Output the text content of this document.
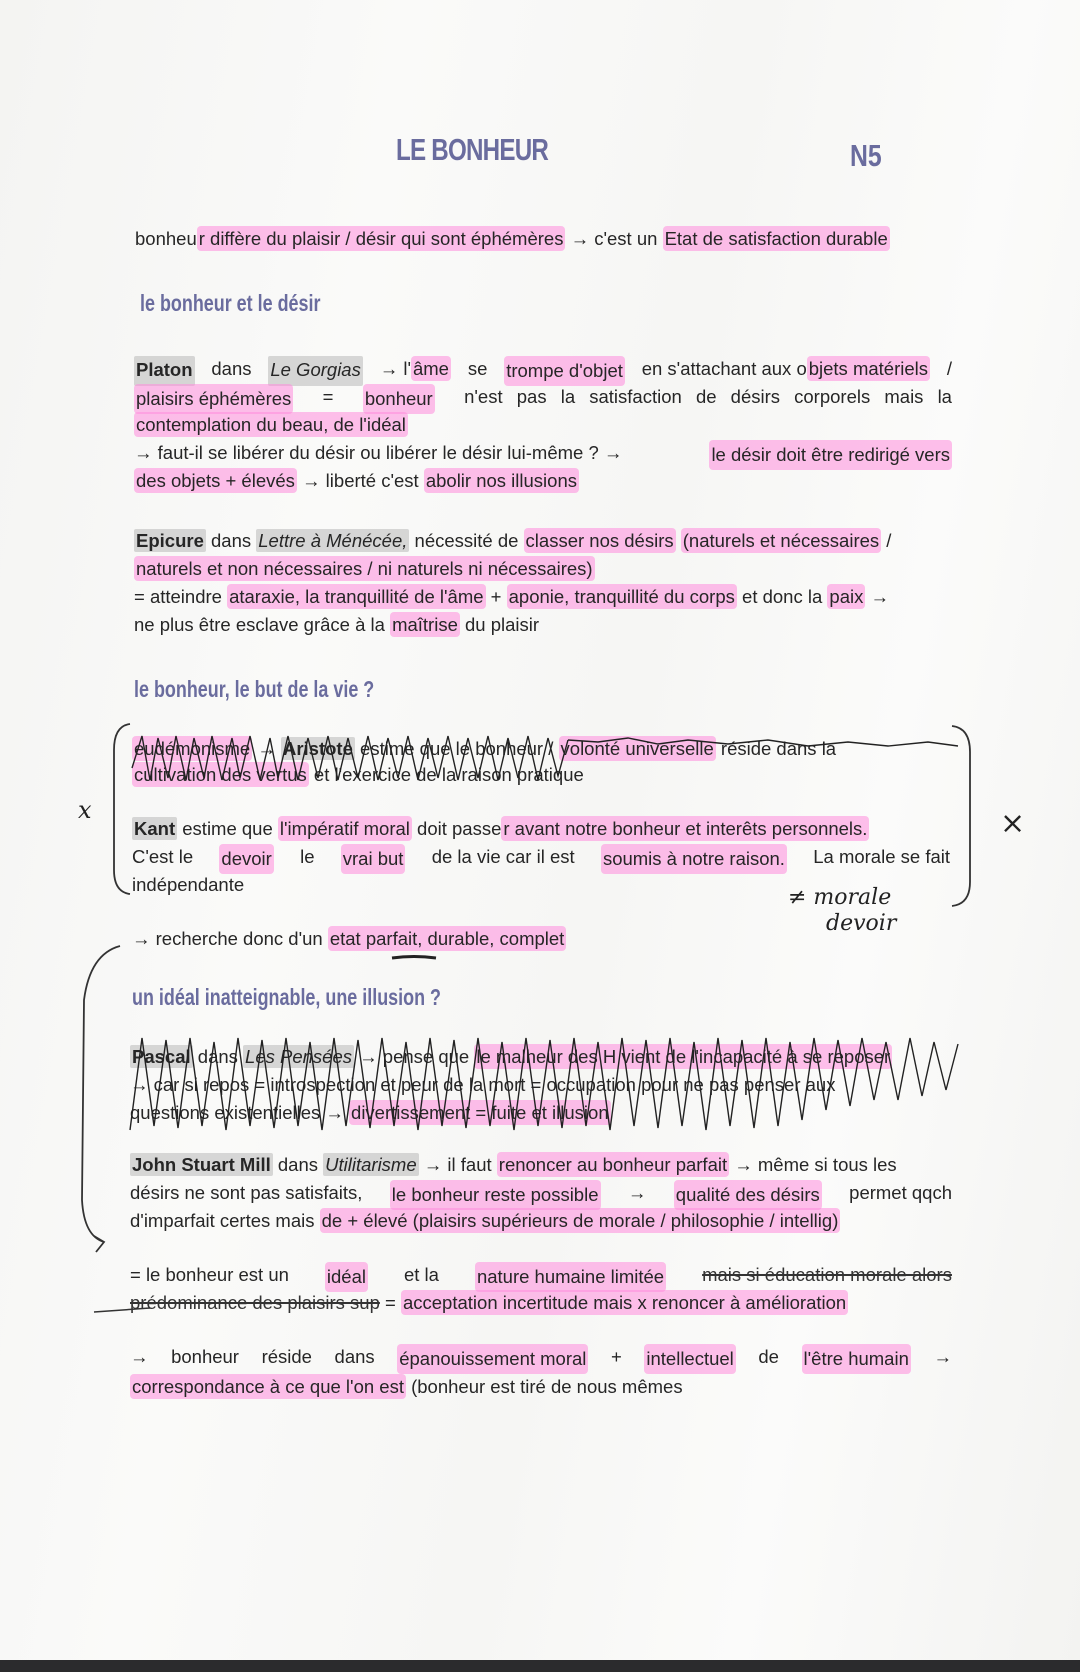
LE BONHEUR	N5
bonheu r diffère du plaisir / désir qui sont éphémères → c'est un Etat de satisfaction durable
le bonheur et le désir
Platon dans Le Gorgias → l' âme se trompe d'objet en s'attachant aux o bjets matériels /
plaisirs éphémères = bonheur n'est pas la satisfaction de désirs corporels mais la
contemplation du beau, de l'idéal
→ faut-il se libérer du désir ou libérer le désir lui-même ? →	le désir doit être redirigé vers
des objets + élevés → liberté c'est abolir nos illusions
Epicure dans Lettre à Ménécée, nécessité de classer nos désirs (naturels et nécessaires /
naturels et non nécessaires / ni naturels ni nécessaires)
= atteindre ataraxie, la tranquillité de l'âme + aponie, tranquillité du corps et donc la paix →
ne plus être esclave grâce à la maîtrise du plaisir
le bonheur, le but de la vie ?
x	×
eudémonisme → Aristote estime que le bonheur / volonté universelle réside dans la
cultivation des vertus et l'exercice de la raison pratique
Kant estime que l'impératif moral doit passe r avant notre bonheur et interêts personnels.
C'est le devoir le vrai but de la vie car il est soumis à notre raison. La morale se fait
indépendante
≠ morale
devoir
→ recherche donc d'un etat parfait, durable, complet
un idéal inatteignable, une illusion ?
Pascal dans Les Pensées → pense que le malheur des H vient de l'incapacité à se reposer
→ car si repos = introspection et peur de la mort = occupation pour ne pas penser aux
questions existentielles → divertissement = fuite et illusion
John Stuart Mill dans Utilitarisme → il faut renoncer au bonheur parfait → même si tous les
désirs ne sont pas satisfaits, le bonheur reste possible → qualité des désirs permet qqch
d'imparfait certes mais de + élevé (plaisirs supérieurs de morale / philosophie / intellig)
= le bonheur est un idéal et la nature humaine limitée mais si éducation morale alors
prédominance des plaisirs sup = acceptation incertitude mais x renoncer à amélioration
→ bonheur réside dans épanouissement moral + intellectuel de l'être humain →
correspondance à ce que l'on est (bonheur est tiré de nous mêmes
